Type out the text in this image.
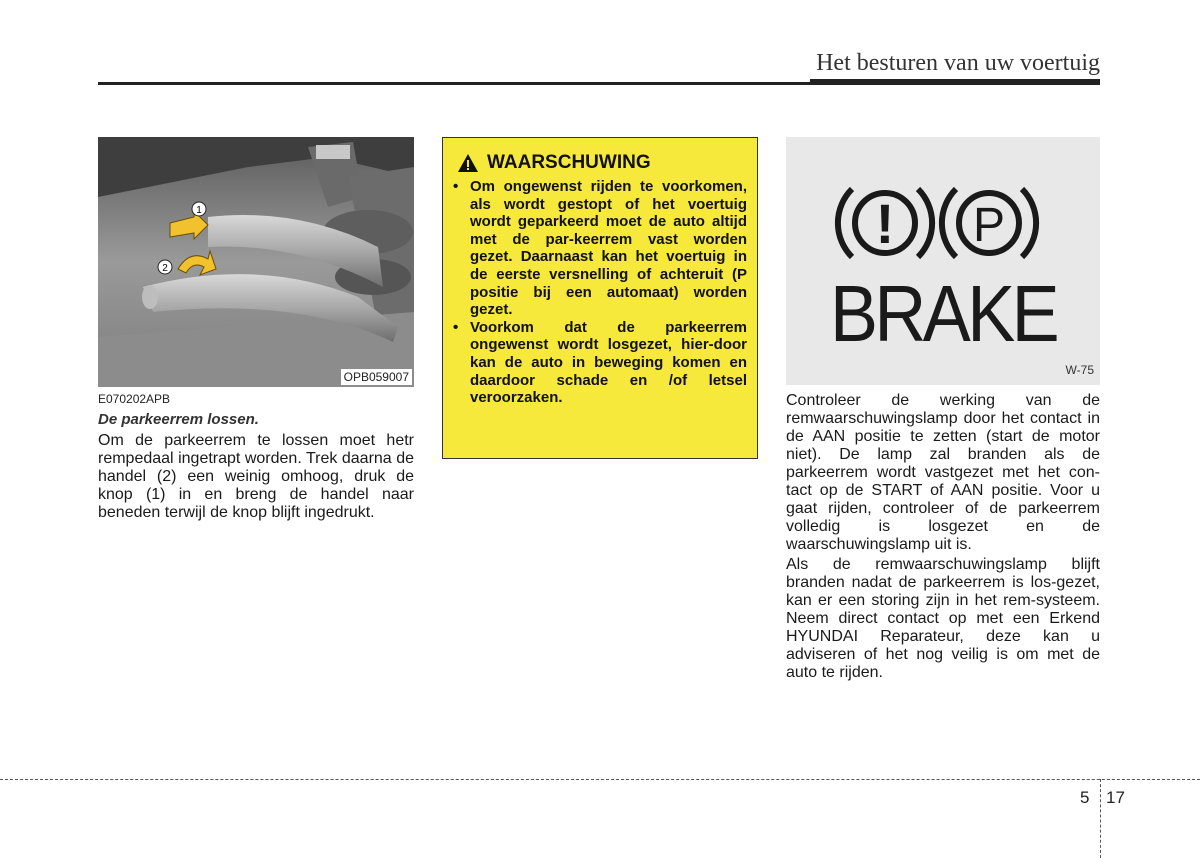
Het besturen van uw voertuig
1
2
OPB059007
E070202APB
De parkeerrem lossen.

Om de parkeerrem te lossen moet hetr rempedaal ingetrapt worden. Trek daarna de handel (2) een weinig omhoog, druk de knop (1) in en breng de handel naar beneden terwijl de knop blijft ingedrukt.

WAARSCHUWING
• Om ongewenst rijden te voorkomen, als wordt gestopt of het voertuig wordt geparkeerd moet de auto altijd met de par-keerrem vast worden gezet. Daarnaast kan het voertuig in de eerste versnelling of achteruit (P positie bij een automaat) worden gezet.
• Voorkom dat de parkeerrem ongewenst wordt losgezet, hier-door kan de auto in beweging komen en daardoor schade en /of letsel veroorzaken.
! P
BRAKE
W-75

Controleer de werking van de remwaarschuwingslamp door het contact in de AAN positie te zetten (start de motor niet). De lamp zal branden als de parkeerrem wordt vastgezet met het con-tact op de START of AAN positie. Voor u gaat rijden, controleer of de parkeerrem volledig is losgezet en de waarschuwingslamp uit is.

Als de remwaarschuwingslamp blijft branden nadat de parkeerrem is los-gezet, kan er een storing zijn in het rem-systeem. Neem direct contact op met een Erkend HYUNDAI Reparateur, deze kan u adviseren of het nog veilig is om met de auto te rijden.

5 17
